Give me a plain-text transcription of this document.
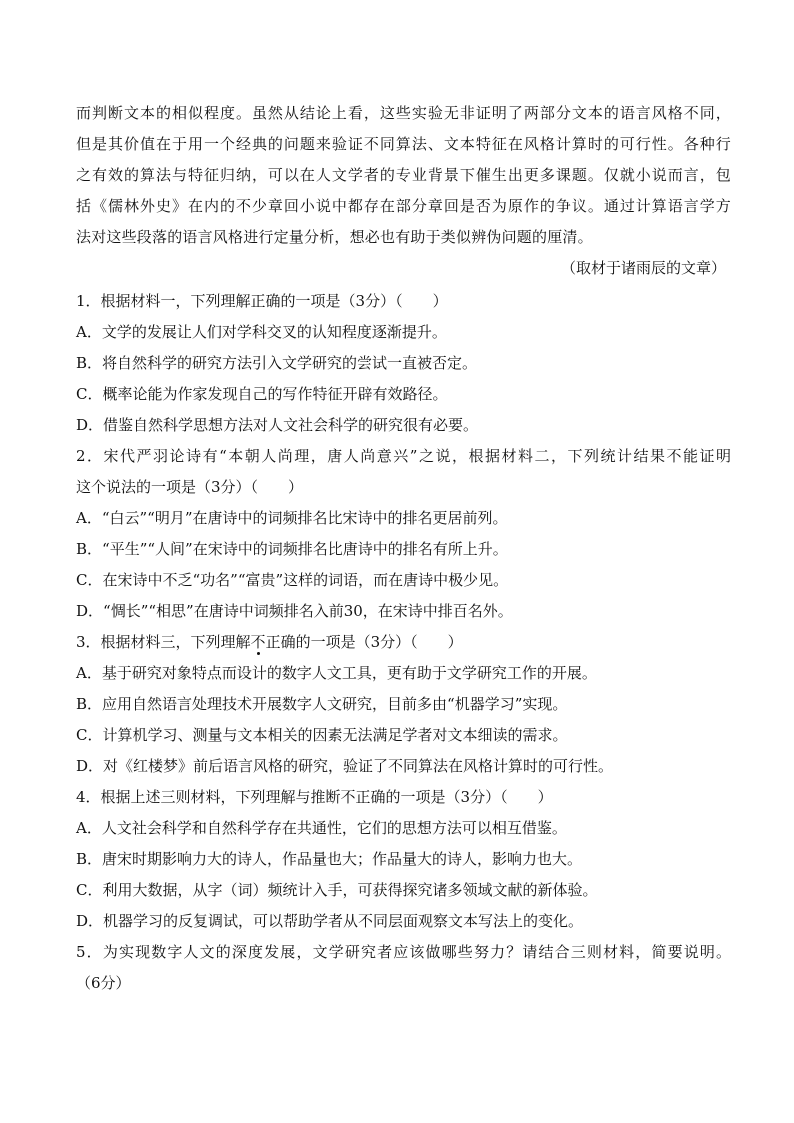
而判断文本的相似程度。虽然从结论上看，这些实验无非证明了两部分文本的语言风格不同，
但是其价值在于用一个经典的问题来验证不同算法、文本特征在风格计算时的可行性。各种行
之有效的算法与特征归纳，可以在人文学者的专业背景下催生出更多课题。仅就小说而言，包
括《儒林外史》在内的不少章回小说中都存在部分章回是否为原作的争议。通过计算语言学方
法对这些段落的语言风格进行定量分析，想必也有助于类似辨伪问题的厘清。
（取材于诸雨辰的文章）
1．根据材料一，下列理解正确的一项是（3分）（　　）
A．文学的发展让人们对学科交叉的认知程度逐渐提升。
B．将自然科学的研究方法引入文学研究的尝试一直被否定。
C．概率论能为作家发现自己的写作特征开辟有效路径。
D．借鉴自然科学思想方法对人文社会科学的研究很有必要。
2．宋代严羽论诗有“本朝人尚理，唐人尚意兴”之说，根据材料二，下列统计结果不能证明
这个说法的一项是（3分）（　　）
A．“白云”“明月”在唐诗中的词频排名比宋诗中的排名更居前列。
B．“平生”“人间”在宋诗中的词频排名比唐诗中的排名有所上升。
C．在宋诗中不乏“功名”“富贵”这样的词语，而在唐诗中极少见。
D．“惆长”“相思”在唐诗中词频排名入前30，在宋诗中排百名外。
3．根据材料三，下列理解不正确的一项是（3分）（　　）
A．基于研究对象特点而设计的数字人文工具，更有助于文学研究工作的开展。
B．应用自然语言处理技术开展数字人文研究，目前多由“机器学习”实现。
C．计算机学习、测量与文本相关的因素无法满足学者对文本细读的需求。
D．对《红楼梦》前后语言风格的研究，验证了不同算法在风格计算时的可行性。
4．根据上述三则材料，下列理解与推断不正确的一项是（3分）（　　）
A．人文社会科学和自然科学存在共通性，它们的思想方法可以相互借鉴。
B．唐宋时期影响力大的诗人，作品量也大；作品量大的诗人，影响力也大。
C．利用大数据，从字（词）频统计入手，可获得探究诸多领域文献的新体验。
D．机器学习的反复调试，可以帮助学者从不同层面观察文本写法上的变化。
5．为实现数字人文的深度发展，文学研究者应该做哪些努力？请结合三则材料，简要说明。
（6分）
